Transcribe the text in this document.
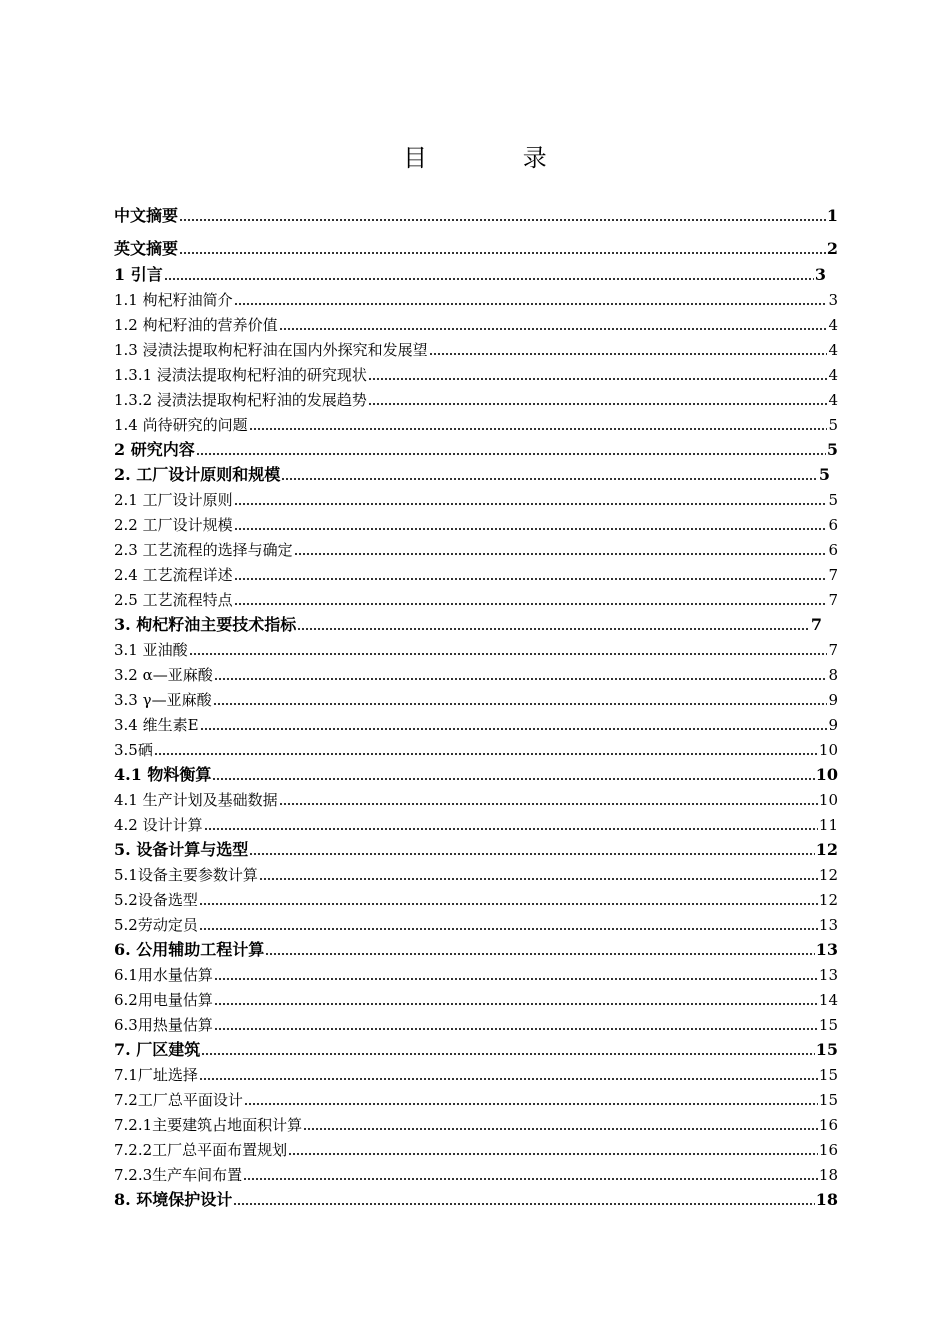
目 录
中文摘要	1
英文摘要	2
1 引言	3
1.1 枸杞籽油简介	3
1.2 枸杞籽油的营养价值	4
1.3 浸渍法提取枸杞籽油在国内外探究和发展望	4
1.3.1 浸渍法提取枸杞籽油的研究现状	4
1.3.2 浸渍法提取枸杞籽油的发展趋势	4
1.4 尚待研究的问题	5
2 研究内容	5
2. 工厂设计原则和规模	5
2.1 工厂设计原则	5
2.2 工厂设计规模	6
2.3 工艺流程的选择与确定	6
2.4 工艺流程详述	7
2.5 工艺流程特点	7
3. 枸杞籽油主要技术指标	7
3.1 亚油酸	7
3.2 α—亚麻酸	8
3.3 γ—亚麻酸	9
3.4 维生素E	9
3.5硒	10
4.1 物料衡算	10
4.1 生产计划及基础数据	10
4.2 设计计算	11
5. 设备计算与选型	12
5.1设备主要参数计算	12
5.2设备选型	12
5.2劳动定员	13
6. 公用辅助工程计算	13
6.1用水量估算	13
6.2用电量估算	14
6.3用热量估算	15
7. 厂区建筑	15
7.1厂址选择	15
7.2工厂总平面设计	15
7.2.1主要建筑占地面积计算	16
7.2.2工厂总平面布置规划	16
7.2.3生产车间布置	18
8. 环境保护设计	18
